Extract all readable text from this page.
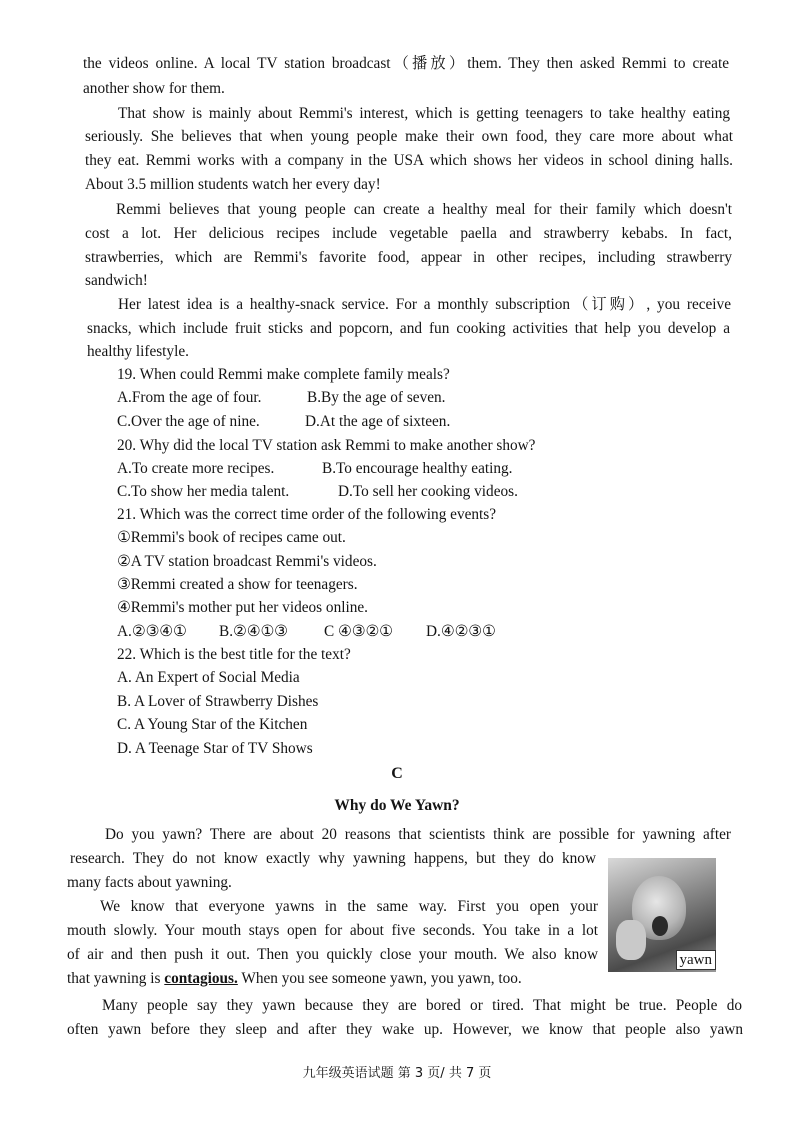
the videos online. A local TV station broadcast（播放）them. They then asked Remmi to create
another show for them.
That show is mainly about Remmi's interest, which is getting teenagers to take healthy eating
seriously. She believes that when young people make their own food, they care more about what
they eat. Remmi works with a company in the USA which shows her videos in school dining halls.
About 3.5 million students watch her every day!
Remmi believes that young people can create a healthy meal for their family which doesn't
cost a lot. Her delicious recipes include vegetable paella and strawberry kebabs. In fact,
strawberries, which are Remmi's favorite food, appear in other recipes, including strawberry
sandwich!
Her latest idea is a healthy-snack service. For a monthly subscription（订购）, you receive
snacks, which include fruit sticks and popcorn, and fun cooking activities that help you develop a
healthy lifestyle.
19. When could Remmi make complete family meals?
A.From the age of four.	B.By the age of seven.
C.Over the age of nine.	D.At the age of sixteen.
20. Why did the local TV station ask Remmi to make another show?
A.To create more recipes.	B.To encourage healthy eating.
C.To show her media talent.	D.To sell her cooking videos.
21. Which was the correct time order of the following events?
①Remmi's book of recipes came out.
②A TV station broadcast Remmi's videos.
③Remmi created a show for teenagers.
④Remmi's mother put her videos online.
A.②③④① B.②④①③ C ④③②① D.④②③①
22. Which is the best title for the text?
A. An Expert of Social Media
B. A Lover of Strawberry Dishes
C. A Young Star of the Kitchen
D. A Teenage Star of TV Shows
C
Why do We Yawn?
Do you yawn? There are about 20 reasons that scientists think are possible for yawning after
research. They do not know exactly why yawning happens, but they do know
many facts about yawning.
We know that everyone yawns in the same way. First you open your
mouth slowly. Your mouth stays open for about five seconds. You take in a lot
of air and then push it out. Then you quickly close your mouth. We also know
that yawning is contagious. When you see someone yawn, you yawn, too.
Many people say they yawn because they are bored or tired. That might be true. People do
often yawn before they sleep and after they wake up. However, we know that people also yawn
yawn
九年级英语试题 第 3 页/ 共 7 页
